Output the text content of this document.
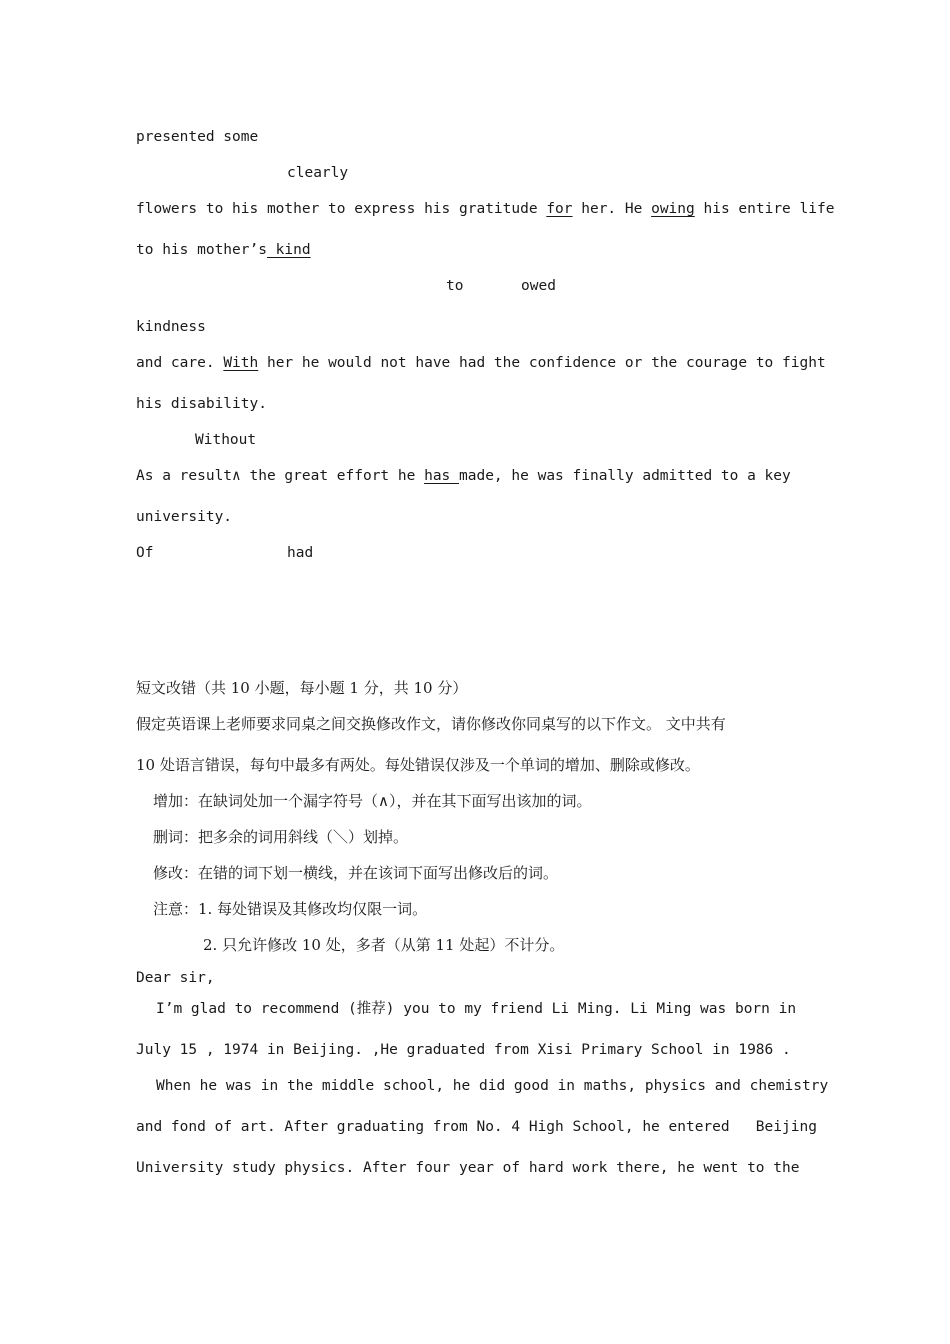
presented some
clearly
flowers to his mother to express his gratitude for her. He owing his entire life
to his mother’s kind
to	owed
kindness
and care. With her he would not have had the confidence or the courage to fight
his disability.
Without
As a result∧ the great effort he has made, he was finally admitted to a key
university.
Of	had
短文改错（共 10 小题，每小题 1 分，共 10 分）
假定英语课上老师要求同桌之间交换修改作文，请你修改你同桌写的以下作文。 文中共有
10 处语言错误，每句中最多有两处。每处错误仅涉及一个单词的增加、删除或修改。
增加：在缺词处加一个漏字符号（∧），并在其下面写出该加的词。
删词：把多余的词用斜线（＼）划掉。
修改：在错的词下划一横线，并在该词下面写出修改后的词。
注意：1. 每处错误及其修改均仅限一词。
2. 只允许修改 10 处，多者（从第 11 处起）不计分。
Dear sir,
I’m glad to recommend (推荐) you to my friend Li Ming. Li Ming was born in
July 15 , 1974 in Beijing. ,He graduated from Xisi Primary School in 1986 .
When he was in the middle school, he did good in maths, physics and chemistry
and fond of art. After graduating from No. 4 High School, he entered   Beijing
University study physics. After four year of hard work there, he went to the
